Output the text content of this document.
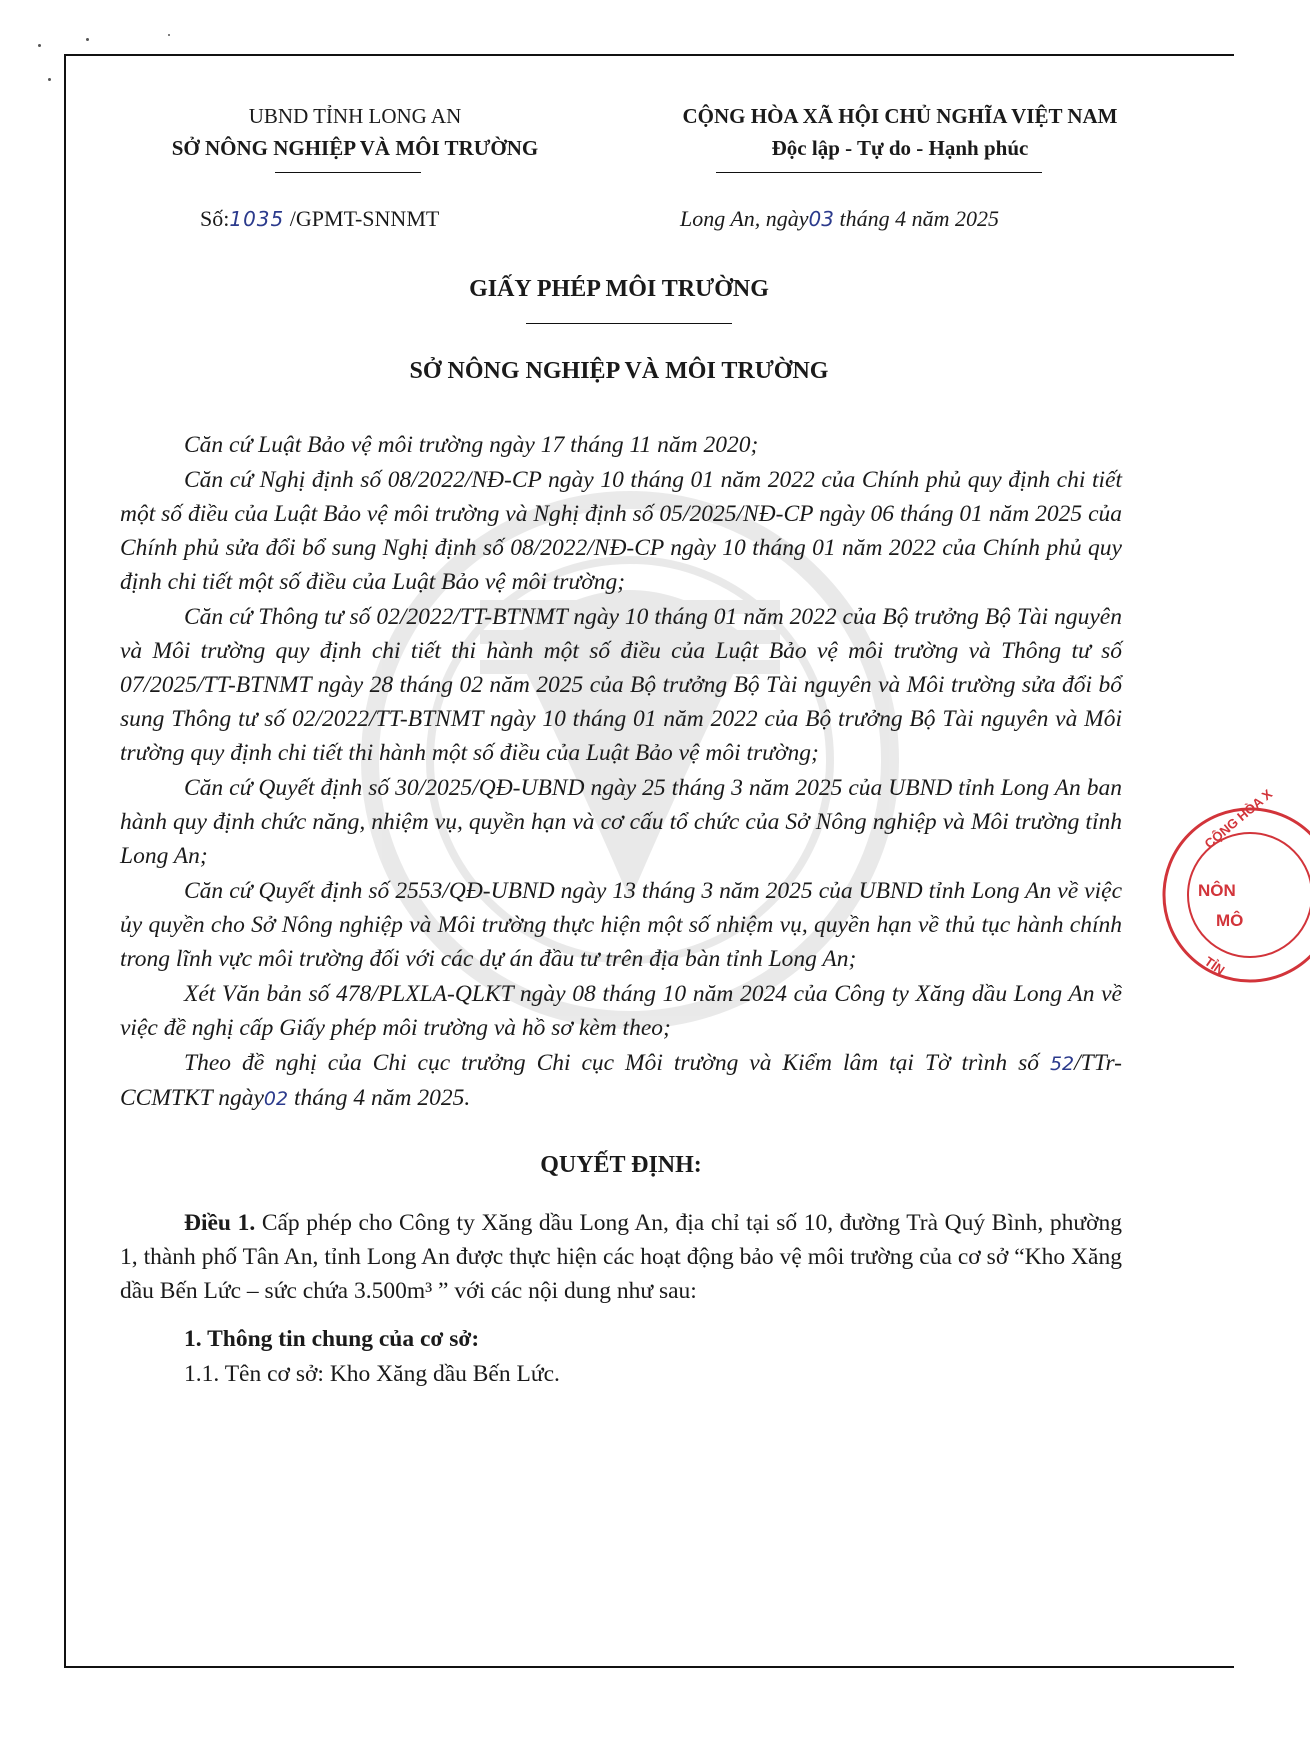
UBND TỈNH LONG AN
SỞ NÔNG NGHIỆP VÀ MÔI TRƯỜNG
CỘNG HÒA XÃ HỘI CHỦ NGHĨA VIỆT NAM
Độc lập - Tự do - Hạnh phúc
Số:1035 /GPMT-SNNMT	Long An, ngày03 tháng 4 năm 2025
GIẤY PHÉP MÔI TRƯỜNG
SỞ NÔNG NGHIỆP VÀ MÔI TRƯỜNG

Căn cứ Luật Bảo vệ môi trường ngày 17 tháng 11 năm 2020;

Căn cứ Nghị định số 08/2022/NĐ-CP ngày 10 tháng 01 năm 2022 của Chính phủ quy định chi tiết một số điều của Luật Bảo vệ môi trường và Nghị định số 05/2025/NĐ-CP ngày 06 tháng 01 năm 2025 của Chính phủ sửa đổi bổ sung Nghị định số 08/2022/NĐ-CP ngày 10 tháng 01 năm 2022 của Chính phủ quy định chi tiết một số điều của Luật Bảo vệ môi trường;

Căn cứ Thông tư số 02/2022/TT-BTNMT ngày 10 tháng 01 năm 2022 của Bộ trưởng Bộ Tài nguyên và Môi trường quy định chi tiết thi hành một số điều của Luật Bảo vệ môi trường và Thông tư số 07/2025/TT-BTNMT ngày 28 tháng 02 năm 2025 của Bộ trưởng Bộ Tài nguyên và Môi trường sửa đổi bổ sung Thông tư số 02/2022/TT-BTNMT ngày 10 tháng 01 năm 2022 của Bộ trưởng Bộ Tài nguyên và Môi trường quy định chi tiết thi hành một số điều của Luật Bảo vệ môi trường;

Căn cứ Quyết định số 30/2025/QĐ-UBND ngày 25 tháng 3 năm 2025 của UBND tỉnh Long An ban hành quy định chức năng, nhiệm vụ, quyền hạn và cơ cấu tổ chức của Sở Nông nghiệp và Môi trường tỉnh Long An;

Căn cứ Quyết định số 2553/QĐ-UBND ngày 13 tháng 3 năm 2025 của UBND tỉnh Long An về việc ủy quyền cho Sở Nông nghiệp và Môi trường thực hiện một số nhiệm vụ, quyền hạn về thủ tục hành chính trong lĩnh vực môi trường đối với các dự án đầu tư trên địa bàn tỉnh Long An;

Xét Văn bản số 478/PLXLA-QLKT ngày 08 tháng 10 năm 2024 của Công ty Xăng dầu Long An về việc đề nghị cấp Giấy phép môi trường và hồ sơ kèm theo;

Theo đề nghị của Chi cục trưởng Chi cục Môi trường và Kiểm lâm tại Tờ trình số 52/TTr-CCMTKT ngày02 tháng 4 năm 2025.

QUYẾT ĐỊNH:

Điều 1. Cấp phép cho Công ty Xăng dầu Long An, địa chỉ tại số 10, đường Trà Quý Bình, phường 1, thành phố Tân An, tỉnh Long An được thực hiện các hoạt động bảo vệ môi trường của cơ sở “Kho Xăng dầu Bến Lức – sức chứa 3.500m³ ” với các nội dung như sau:

1. Thông tin chung của cơ sở:

1.1. Tên cơ sở: Kho Xăng dầu Bến Lức.

CỘNG HÒA X
NÔN
MÔ
TỈN
